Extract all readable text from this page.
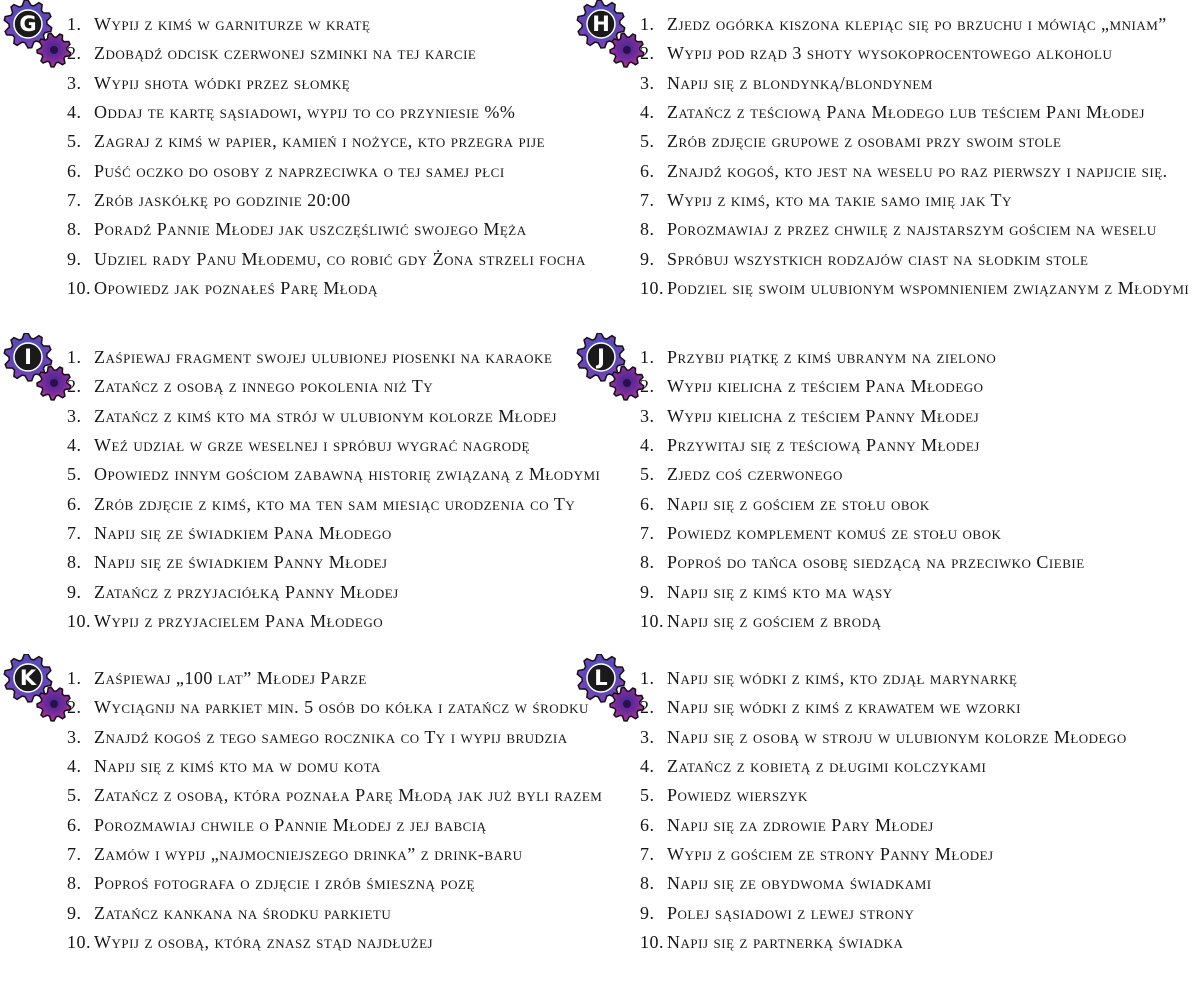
G 1. Wypij z kimś w garniturze w kratę
2. Zdobądź odcisk czerwonej szminki na tej karcie
3. Wypij shota wódki przez słomkę
4. Oddaj te kartę sąsiadowi, wypij to co przyniesie %%
5. Zagraj z kimś w papier, kamień i nożyce, kto przegra pije
6. Puść oczko do osoby z naprzeciwka o tej samej płci
7. Zrób jaskółkę po godzinie 20:00
8. Poradź Pannie Młodej jak uszczęśliwić swojego Męża
9. Udziel rady Panu Młodemu, co robić gdy Żona strzeli focha
10. Opowiedz jak poznałeś Parę Młodą
H 1. Zjedz ogórka kiszona klepiąc się po brzuchu i mówiąc „mniam”
2. Wypij pod rząd 3 shoty wysokoprocentowego alkoholu
3. Napij się z blondynką/blondynem
4. Zatańcz z teściową Pana Młodego lub teściem Pani Młodej
5. Zrób zdjęcie grupowe z osobami przy swoim stole
6. Znajdź kogoś, kto jest na weselu po raz pierwszy i napijcie się.
7. Wypij z kimś, kto ma takie samo imię jak Ty
8. Porozmawiaj z przez chwilę z najstarszym gościem na weselu
9. Spróbuj wszystkich rodzajów ciast na słodkim stole
10. Podziel się swoim ulubionym wspomnieniem związanym z Młodymi
I 1. Zaśpiewaj fragment swojej ulubionej piosenki na karaoke
2. Zatańcz z osobą z innego pokolenia niż Ty
3. Zatańcz z kimś kto ma strój w ulubionym kolorze Młodej
4. Weź udział w grze weselnej i spróbuj wygrać nagrodę
5. Opowiedz innym gościom zabawną historię związaną z Młodymi
6. Zrób zdjęcie z kimś, kto ma ten sam miesiąc urodzenia co Ty
7. Napij się ze świadkiem Pana Młodego
8. Napij się ze świadkiem Panny Młodej
9. Zatańcz z przyjaciółką Panny Młodej
10. Wypij z przyjacielem Pana Młodego
J 1. Przybij piątkę z kimś ubranym na zielono
2. Wypij kielicha z teściem Pana Młodego
3. Wypij kielicha z teściem Panny Młodej
4. Przywitaj się z teściową Panny Młodej
5. Zjedz coś czerwonego
6. Napij się z gościem ze stołu obok
7. Powiedz komplement komuś ze stołu obok
8. Poproś do tańca osobę siedzącą na przeciwko Ciebie
9. Napij się z kimś kto ma wąsy
10. Napij się z gościem z brodą
K 1. Zaśpiewaj „100 lat” Młodej Parze
2. Wyciągnij na parkiet min. 5 osób do kółka i zatańcz w środku
3. Znajdź kogoś z tego samego rocznika co Ty i wypij brudzia
4. Napij się z kimś kto ma w domu kota
5. Zatańcz z osobą, która poznała Parę Młodą jak już byli razem
6. Porozmawiaj chwile o Pannie Młodej z jej babcią
7. Zamów i wypij „najmocniejszego drinka” z drink-baru
8. Poproś fotografa o zdjęcie i zrób śmieszną pozę
9. Zatańcz kankana na środku parkietu
10. Wypij z osobą, którą znasz stąd najdłużej
L 1. Napij się wódki z kimś, kto zdjął marynarkę
2. Napij się wódki z kimś z krawatem we wzorki
3. Napij się z osobą w stroju w ulubionym kolorze Młodego
4. Zatańcz z kobietą z długimi kolczykami
5. Powiedz wierszyk
6. Napij się za zdrowie Pary Młodej
7. Wypij z gościem ze strony Panny Młodej
8. Napij się ze obydwoma świadkami
9. Polej sąsiadowi z lewej strony
10. Napij się z partnerką świadka
